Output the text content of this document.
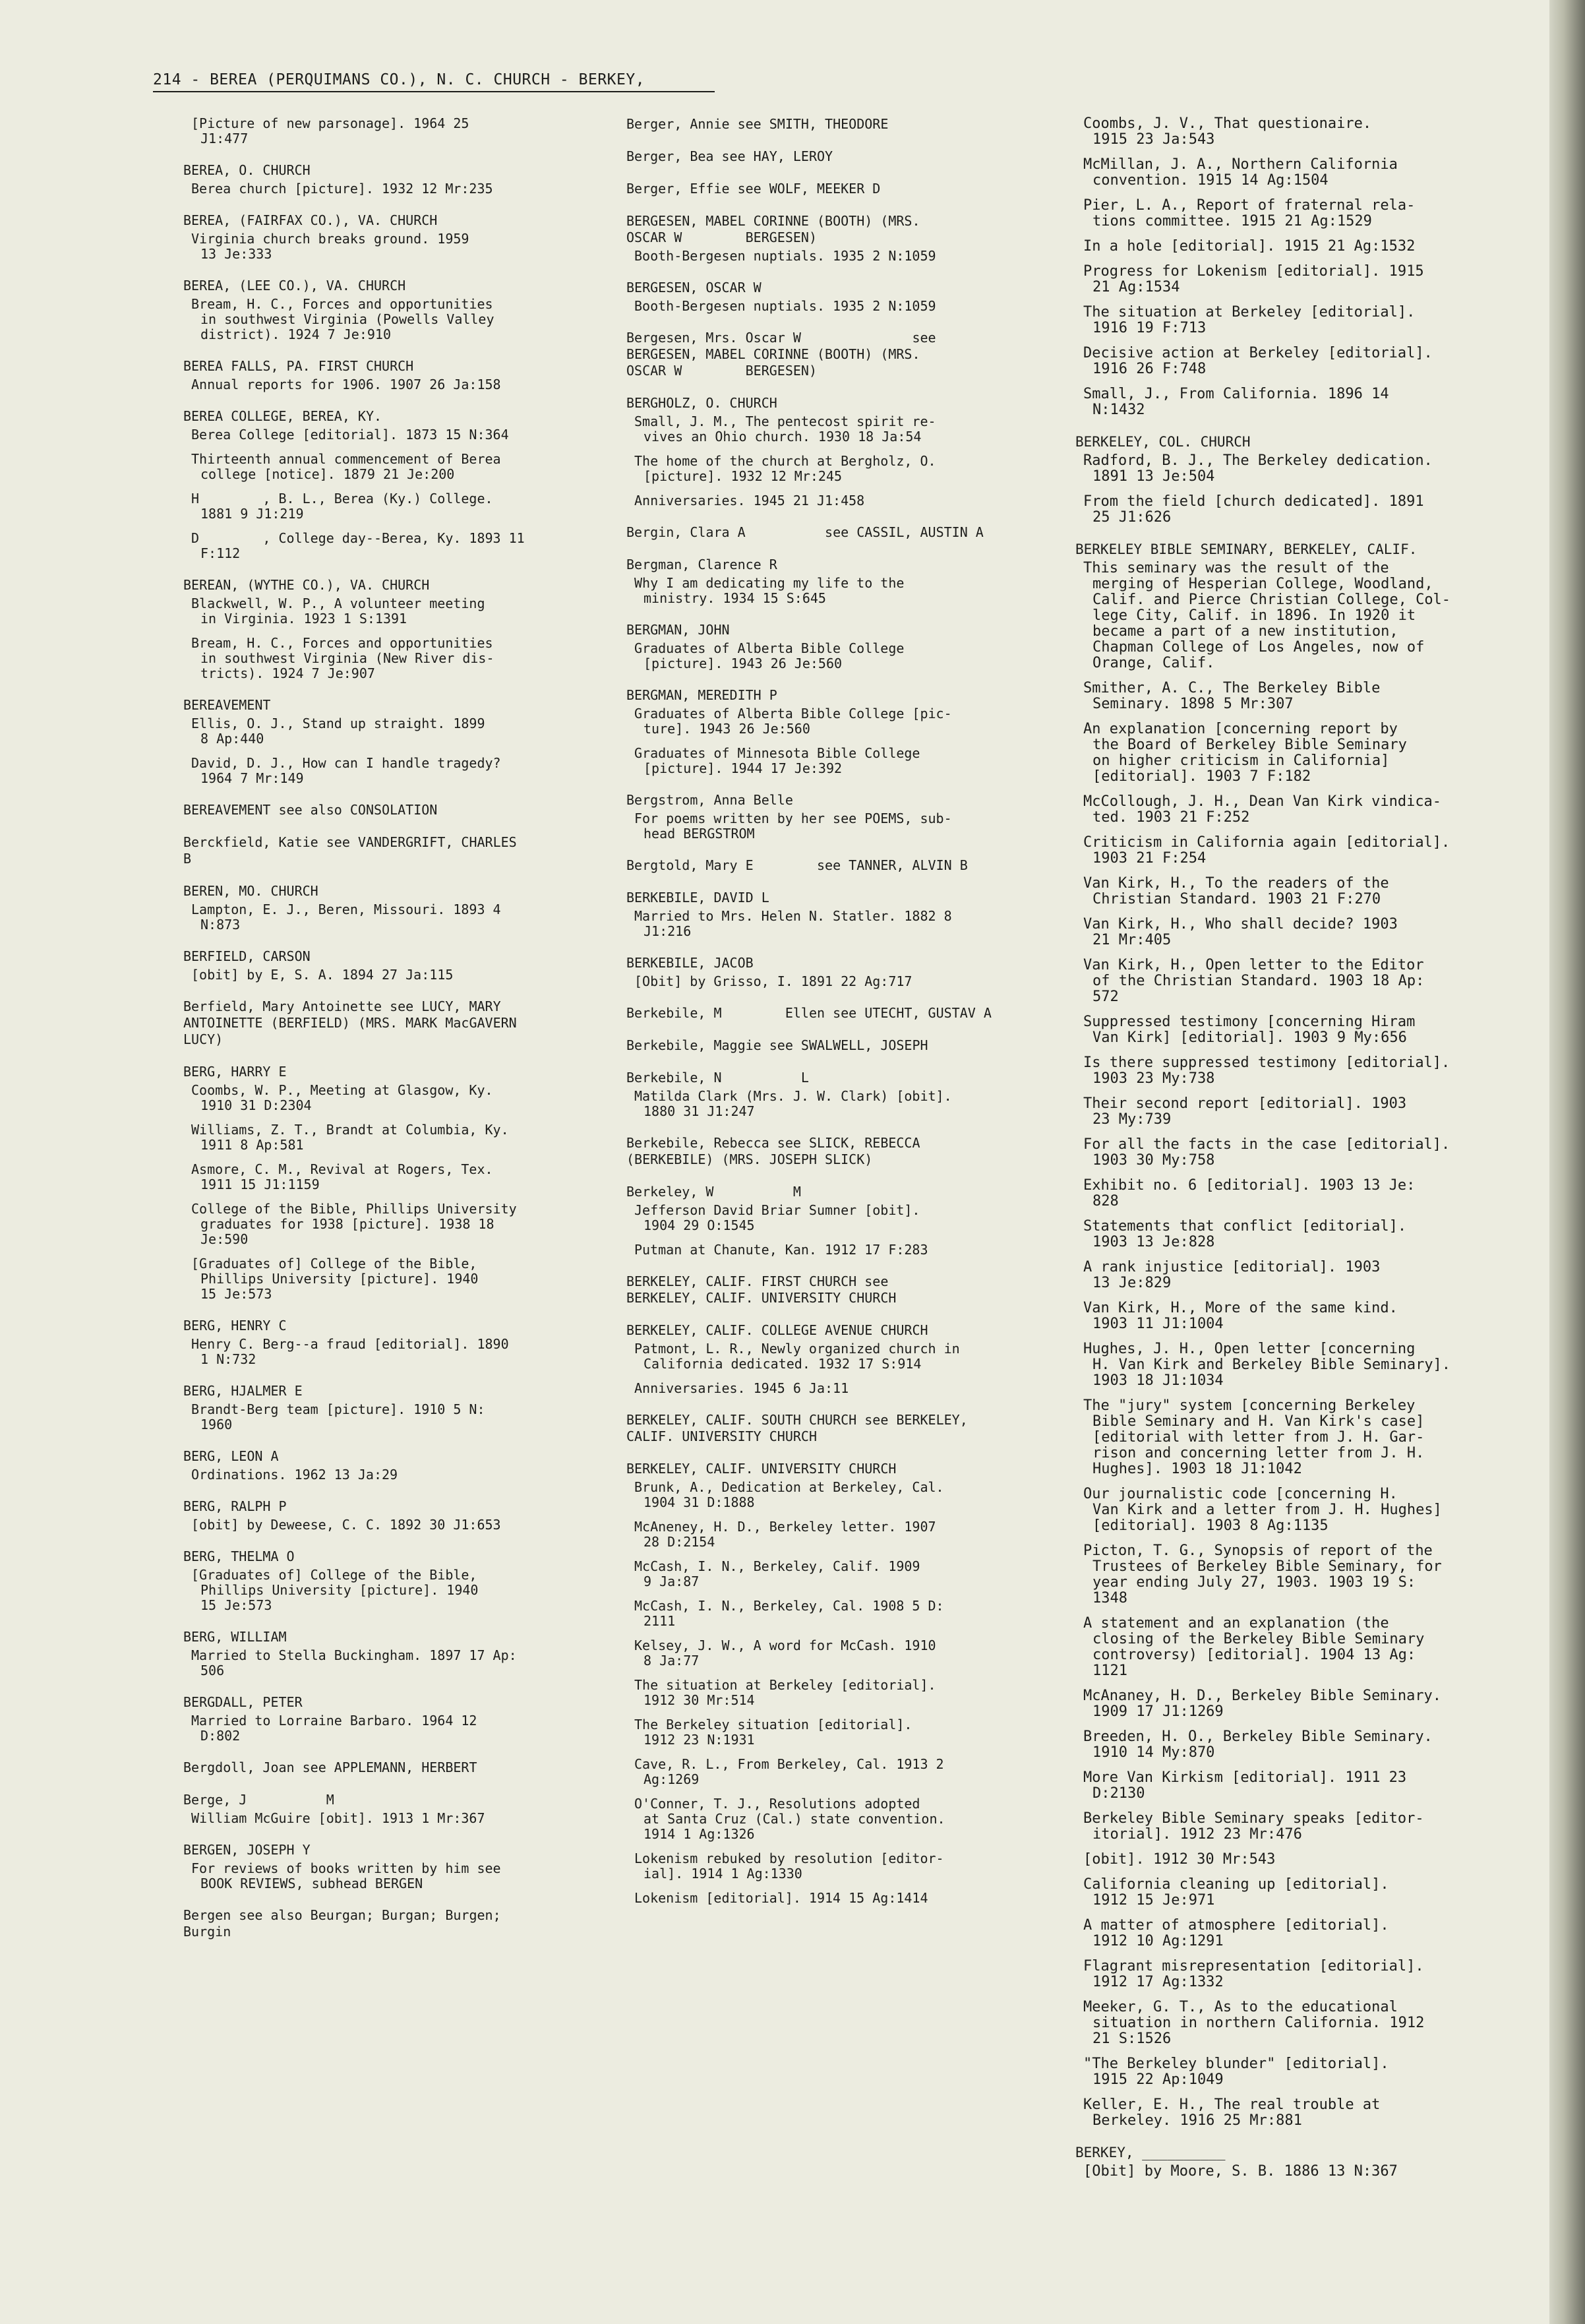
214 - BEREA (PERQUIMANS CO.), N. C. CHURCH - BERKEY,
[Picture of new parsonage]. 1964 25
J1:477
BEREA, O. CHURCH
Berea church [picture]. 1932 12 Mr:235
BEREA, (FAIRFAX CO.), VA. CHURCH
Virginia church breaks ground. 1959
13 Je:333
BEREA, (LEE CO.), VA. CHURCH
Bream, H. C., Forces and opportunities
in southwest Virginia (Powells Valley
district). 1924 7 Je:910
BEREA FALLS, PA. FIRST CHURCH
Annual reports for 1906. 1907 26 Ja:158
BEREA COLLEGE, BEREA, KY.
Berea College [editorial]. 1873 15 N:364
Thirteenth annual commencement of Berea
college [notice]. 1879 21 Je:200
H        , B. L., Berea (Ky.) College.
1881 9 J1:219
D        , College day--Berea, Ky. 1893 11
F:112
BEREAN, (WYTHE CO.), VA. CHURCH
Blackwell, W. P., A volunteer meeting
in Virginia. 1923 1 S:1391
Bream, H. C., Forces and opportunities
in southwest Virginia (New River dis-
tricts). 1924 7 Je:907
BEREAVEMENT
Ellis, O. J., Stand up straight. 1899
8 Ap:440
David, D. J., How can I handle tragedy?
1964 7 Mr:149
BEREAVEMENT see also CONSOLATION
Berckfield, Katie see VANDERGRIFT, CHARLES
B
BEREN, MO. CHURCH
Lampton, E. J., Beren, Missouri. 1893 4
N:873
BERFIELD, CARSON
[obit] by E, S. A. 1894 27 Ja:115
Berfield, Mary Antoinette see LUCY, MARY
ANTOINETTE (BERFIELD) (MRS. MARK MacGAVERN
LUCY)
BERG, HARRY E
Coombs, W. P., Meeting at Glasgow, Ky.
1910 31 D:2304
Williams, Z. T., Brandt at Columbia, Ky.
1911 8 Ap:581
Asmore, C. M., Revival at Rogers, Tex.
1911 15 J1:1159
College of the Bible, Phillips University
graduates for 1938 [picture]. 1938 18
Je:590
[Graduates of] College of the Bible,
Phillips University [picture]. 1940
15 Je:573
BERG, HENRY C
Henry C. Berg--a fraud [editorial]. 1890
1 N:732
BERG, HJALMER E
Brandt-Berg team [picture]. 1910 5 N:
1960
BERG, LEON A
Ordinations. 1962 13 Ja:29
BERG, RALPH P
[obit] by Deweese, C. C. 1892 30 J1:653
BERG, THELMA O
[Graduates of] College of the Bible,
Phillips University [picture]. 1940
15 Je:573
BERG, WILLIAM
Married to Stella Buckingham. 1897 17 Ap:
506
BERGDALL, PETER
Married to Lorraine Barbaro. 1964 12
D:802
Bergdoll, Joan see APPLEMANN, HERBERT
Berge, J          M
William McGuire [obit]. 1913 1 Mr:367
BERGEN, JOSEPH Y
For reviews of books written by him see
BOOK REVIEWS, subhead BERGEN
Bergen see also Beurgan; Burgan; Burgen;
Burgin
Berger, Annie see SMITH, THEODORE
Berger, Bea see HAY, LEROY
Berger, Effie see WOLF, MEEKER D
BERGESEN, MABEL CORINNE (BOOTH) (MRS.
OSCAR W        BERGESEN)
Booth-Bergesen nuptials. 1935 2 N:1059
BERGESEN, OSCAR W
Booth-Bergesen nuptials. 1935 2 N:1059
Bergesen, Mrs. Oscar W              see
BERGESEN, MABEL CORINNE (BOOTH) (MRS.
OSCAR W        BERGESEN)
BERGHOLZ, O. CHURCH
Small, J. M., The pentecost spirit re-
vives an Ohio church. 1930 18 Ja:54
The home of the church at Bergholz, O.
[picture]. 1932 12 Mr:245
Anniversaries. 1945 21 J1:458
Bergin, Clara A          see CASSIL, AUSTIN A
Bergman, Clarence R
Why I am dedicating my life to the
ministry. 1934 15 S:645
BERGMAN, JOHN
Graduates of Alberta Bible College
[picture]. 1943 26 Je:560
BERGMAN, MEREDITH P
Graduates of Alberta Bible College [pic-
ture]. 1943 26 Je:560
Graduates of Minnesota Bible College
[picture]. 1944 17 Je:392
Bergstrom, Anna Belle
For poems written by her see POEMS, sub-
head BERGSTROM
Bergtold, Mary E        see TANNER, ALVIN B
BERKEBILE, DAVID L
Married to Mrs. Helen N. Statler. 1882 8
J1:216
BERKEBILE, JACOB
[Obit] by Grisso, I. 1891 22 Ag:717
Berkebile, M        Ellen see UTECHT, GUSTAV A
Berkebile, Maggie see SWALWELL, JOSEPH
Berkebile, N          L
Matilda Clark (Mrs. J. W. Clark) [obit].
1880 31 J1:247
Berkebile, Rebecca see SLICK, REBECCA
(BERKEBILE) (MRS. JOSEPH SLICK)
Berkeley, W          M
Jefferson David Briar Sumner [obit].
1904 29 O:1545
Putman at Chanute, Kan. 1912 17 F:283
BERKELEY, CALIF. FIRST CHURCH see
BERKELEY, CALIF. UNIVERSITY CHURCH
BERKELEY, CALIF. COLLEGE AVENUE CHURCH
Patmont, L. R., Newly organized church in
California dedicated. 1932 17 S:914
Anniversaries. 1945 6 Ja:11
BERKELEY, CALIF. SOUTH CHURCH see BERKELEY,
CALIF. UNIVERSITY CHURCH
BERKELEY, CALIF. UNIVERSITY CHURCH
Brunk, A., Dedication at Berkeley, Cal.
1904 31 D:1888
McAneney, H. D., Berkeley letter. 1907
28 D:2154
McCash, I. N., Berkeley, Calif. 1909
9 Ja:87
McCash, I. N., Berkeley, Cal. 1908 5 D:
2111
Kelsey, J. W., A word for McCash. 1910
8 Ja:77
The situation at Berkeley [editorial].
1912 30 Mr:514
The Berkeley situation [editorial].
1912 23 N:1931
Cave, R. L., From Berkeley, Cal. 1913 2
Ag:1269
O'Conner, T. J., Resolutions adopted
at Santa Cruz (Cal.) state convention.
1914 1 Ag:1326
Lokenism rebuked by resolution [editor-
ial]. 1914 1 Ag:1330
Lokenism [editorial]. 1914 15 Ag:1414
Coombs, J. V., That questionaire.
1915 23 Ja:543
McMillan, J. A., Northern California
convention. 1915 14 Ag:1504
Pier, L. A., Report of fraternal rela-
tions committee. 1915 21 Ag:1529
In a hole [editorial]. 1915 21 Ag:1532
Progress for Lokenism [editorial]. 1915
21 Ag:1534
The situation at Berkeley [editorial].
1916 19 F:713
Decisive action at Berkeley [editorial].
1916 26 F:748
Small, J., From California. 1896 14
N:1432
BERKELEY, COL. CHURCH
Radford, B. J., The Berkeley dedication.
1891 13 Je:504
From the field [church dedicated]. 1891
25 J1:626
BERKELEY BIBLE SEMINARY, BERKELEY, CALIF.
This seminary was the result of the
merging of Hesperian College, Woodland,
Calif. and Pierce Christian College, Col-
lege City, Calif. in 1896. In 1920 it
became a part of a new institution,
Chapman College of Los Angeles, now of
Orange, Calif.
Smither, A. C., The Berkeley Bible
Seminary. 1898 5 Mr:307
An explanation [concerning report by
the Board of Berkeley Bible Seminary
on higher criticism in California]
[editorial]. 1903 7 F:182
McCollough, J. H., Dean Van Kirk vindica-
ted. 1903 21 F:252
Criticism in California again [editorial].
1903 21 F:254
Van Kirk, H., To the readers of the
Christian Standard. 1903 21 F:270
Van Kirk, H., Who shall decide? 1903
21 Mr:405
Van Kirk, H., Open letter to the Editor
of the Christian Standard. 1903 18 Ap:
572
Suppressed testimony [concerning Hiram
Van Kirk] [editorial]. 1903 9 My:656
Is there suppressed testimony [editorial].
1903 23 My:738
Their second report [editorial]. 1903
23 My:739
For all the facts in the case [editorial].
1903 30 My:758
Exhibit no. 6 [editorial]. 1903 13 Je:
828
Statements that conflict [editorial].
1903 13 Je:828
A rank injustice [editorial]. 1903
13 Je:829
Van Kirk, H., More of the same kind.
1903 11 J1:1004
Hughes, J. H., Open letter [concerning
H. Van Kirk and Berkeley Bible Seminary].
1903 18 J1:1034
The "jury" system [concerning Berkeley
Bible Seminary and H. Van Kirk's case]
[editorial with letter from J. H. Gar-
rison and concerning letter from J. H.
Hughes]. 1903 18 J1:1042
Our journalistic code [concerning H.
Van Kirk and a letter from J. H. Hughes]
[editorial]. 1903 8 Ag:1135
Picton, T. G., Synopsis of report of the
Trustees of Berkeley Bible Seminary, for
year ending July 27, 1903. 1903 19 S:
1348
A statement and an explanation (the
closing of the Berkeley Bible Seminary
controversy) [editorial]. 1904 13 Ag:
1121
McAnaney, H. D., Berkeley Bible Seminary.
1909 17 J1:1269
Breeden, H. O., Berkeley Bible Seminary.
1910 14 My:870
More Van Kirkism [editorial]. 1911 23
D:2130
Berkeley Bible Seminary speaks [editor-
itorial]. 1912 23 Mr:476
[obit]. 1912 30 Mr:543
California cleaning up [editorial].
1912 15 Je:971
A matter of atmosphere [editorial].
1912 10 Ag:1291
Flagrant misrepresentation [editorial].
1912 17 Ag:1332
Meeker, G. T., As to the educational
situation in northern California. 1912
21 S:1526
"The Berkeley blunder" [editorial].
1915 22 Ap:1049
Keller, E. H., The real trouble at
Berkeley. 1916 25 Mr:881
BERKEY, __________
[Obit] by Moore, S. B. 1886 13 N:367
